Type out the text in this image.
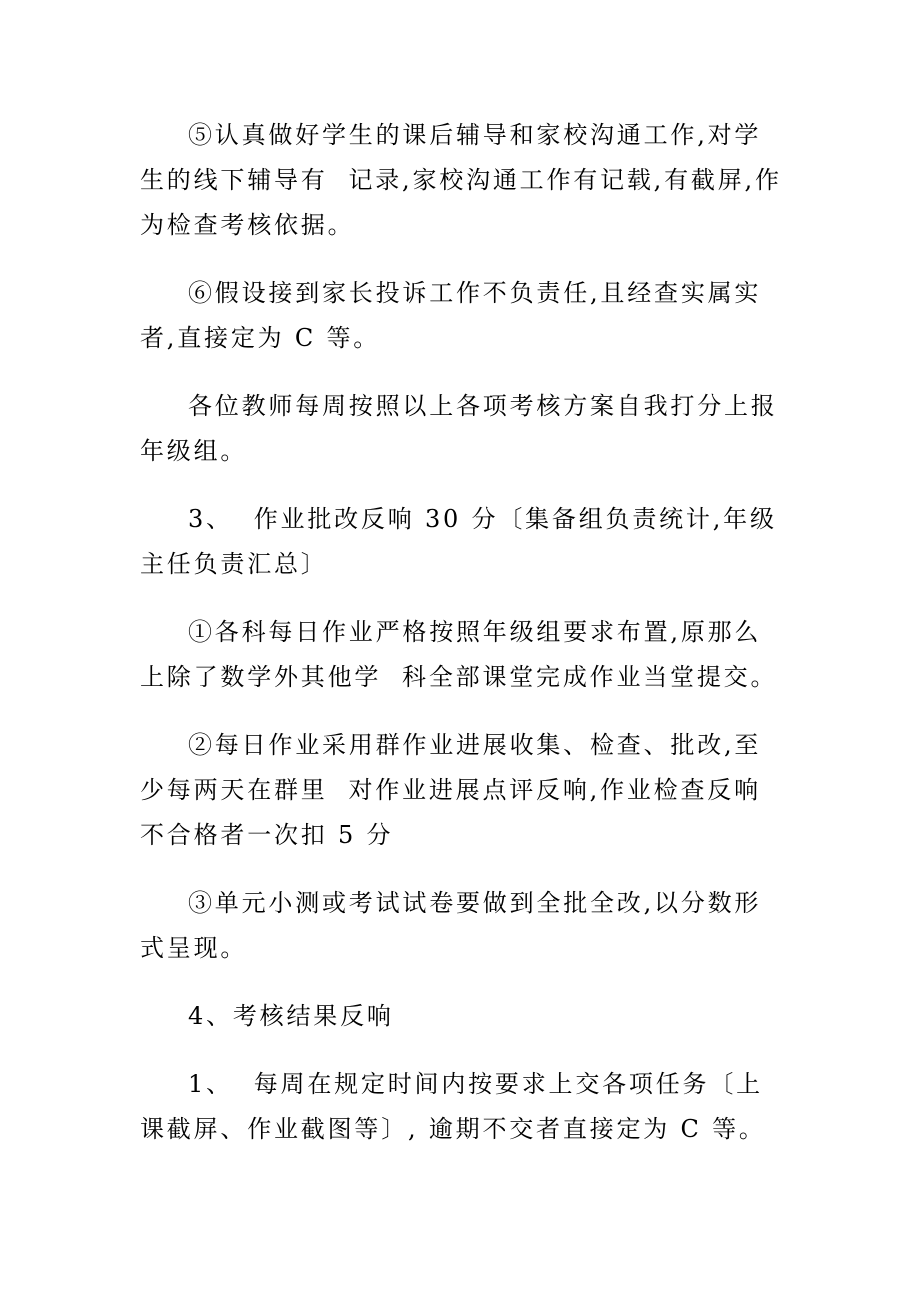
⑤认真做好学生的课后辅导和家校沟通工作,对学生的线下辅导有  记录,家校沟通工作有记载,有截屏,作为检查考核依据。

⑥假设接到家长投诉工作不负责任,且经查实属实者,直接定为 C 等。

各位教师每周按照以上各项考核方案自我打分上报年级组。

3、  作业批改反响 30 分〔集备组负责统计,年级主任负责汇总〕

①各科每日作业严格按照年级组要求布置,原那么上除了数学外其他学  科全部课堂完成作业当堂提交。

②每日作业采用群作业进展收集、检查、批改,至少每两天在群里  对作业进展点评反响,作业检查反响不合格者一次扣 5 分

③单元小测或考试试卷要做到全批全改,以分数形式呈现。

4、考核结果反响

1、  每周在规定时间内按要求上交各项任务〔上课截屏、作业截图等〕, 逾期不交者直接定为 C 等。
